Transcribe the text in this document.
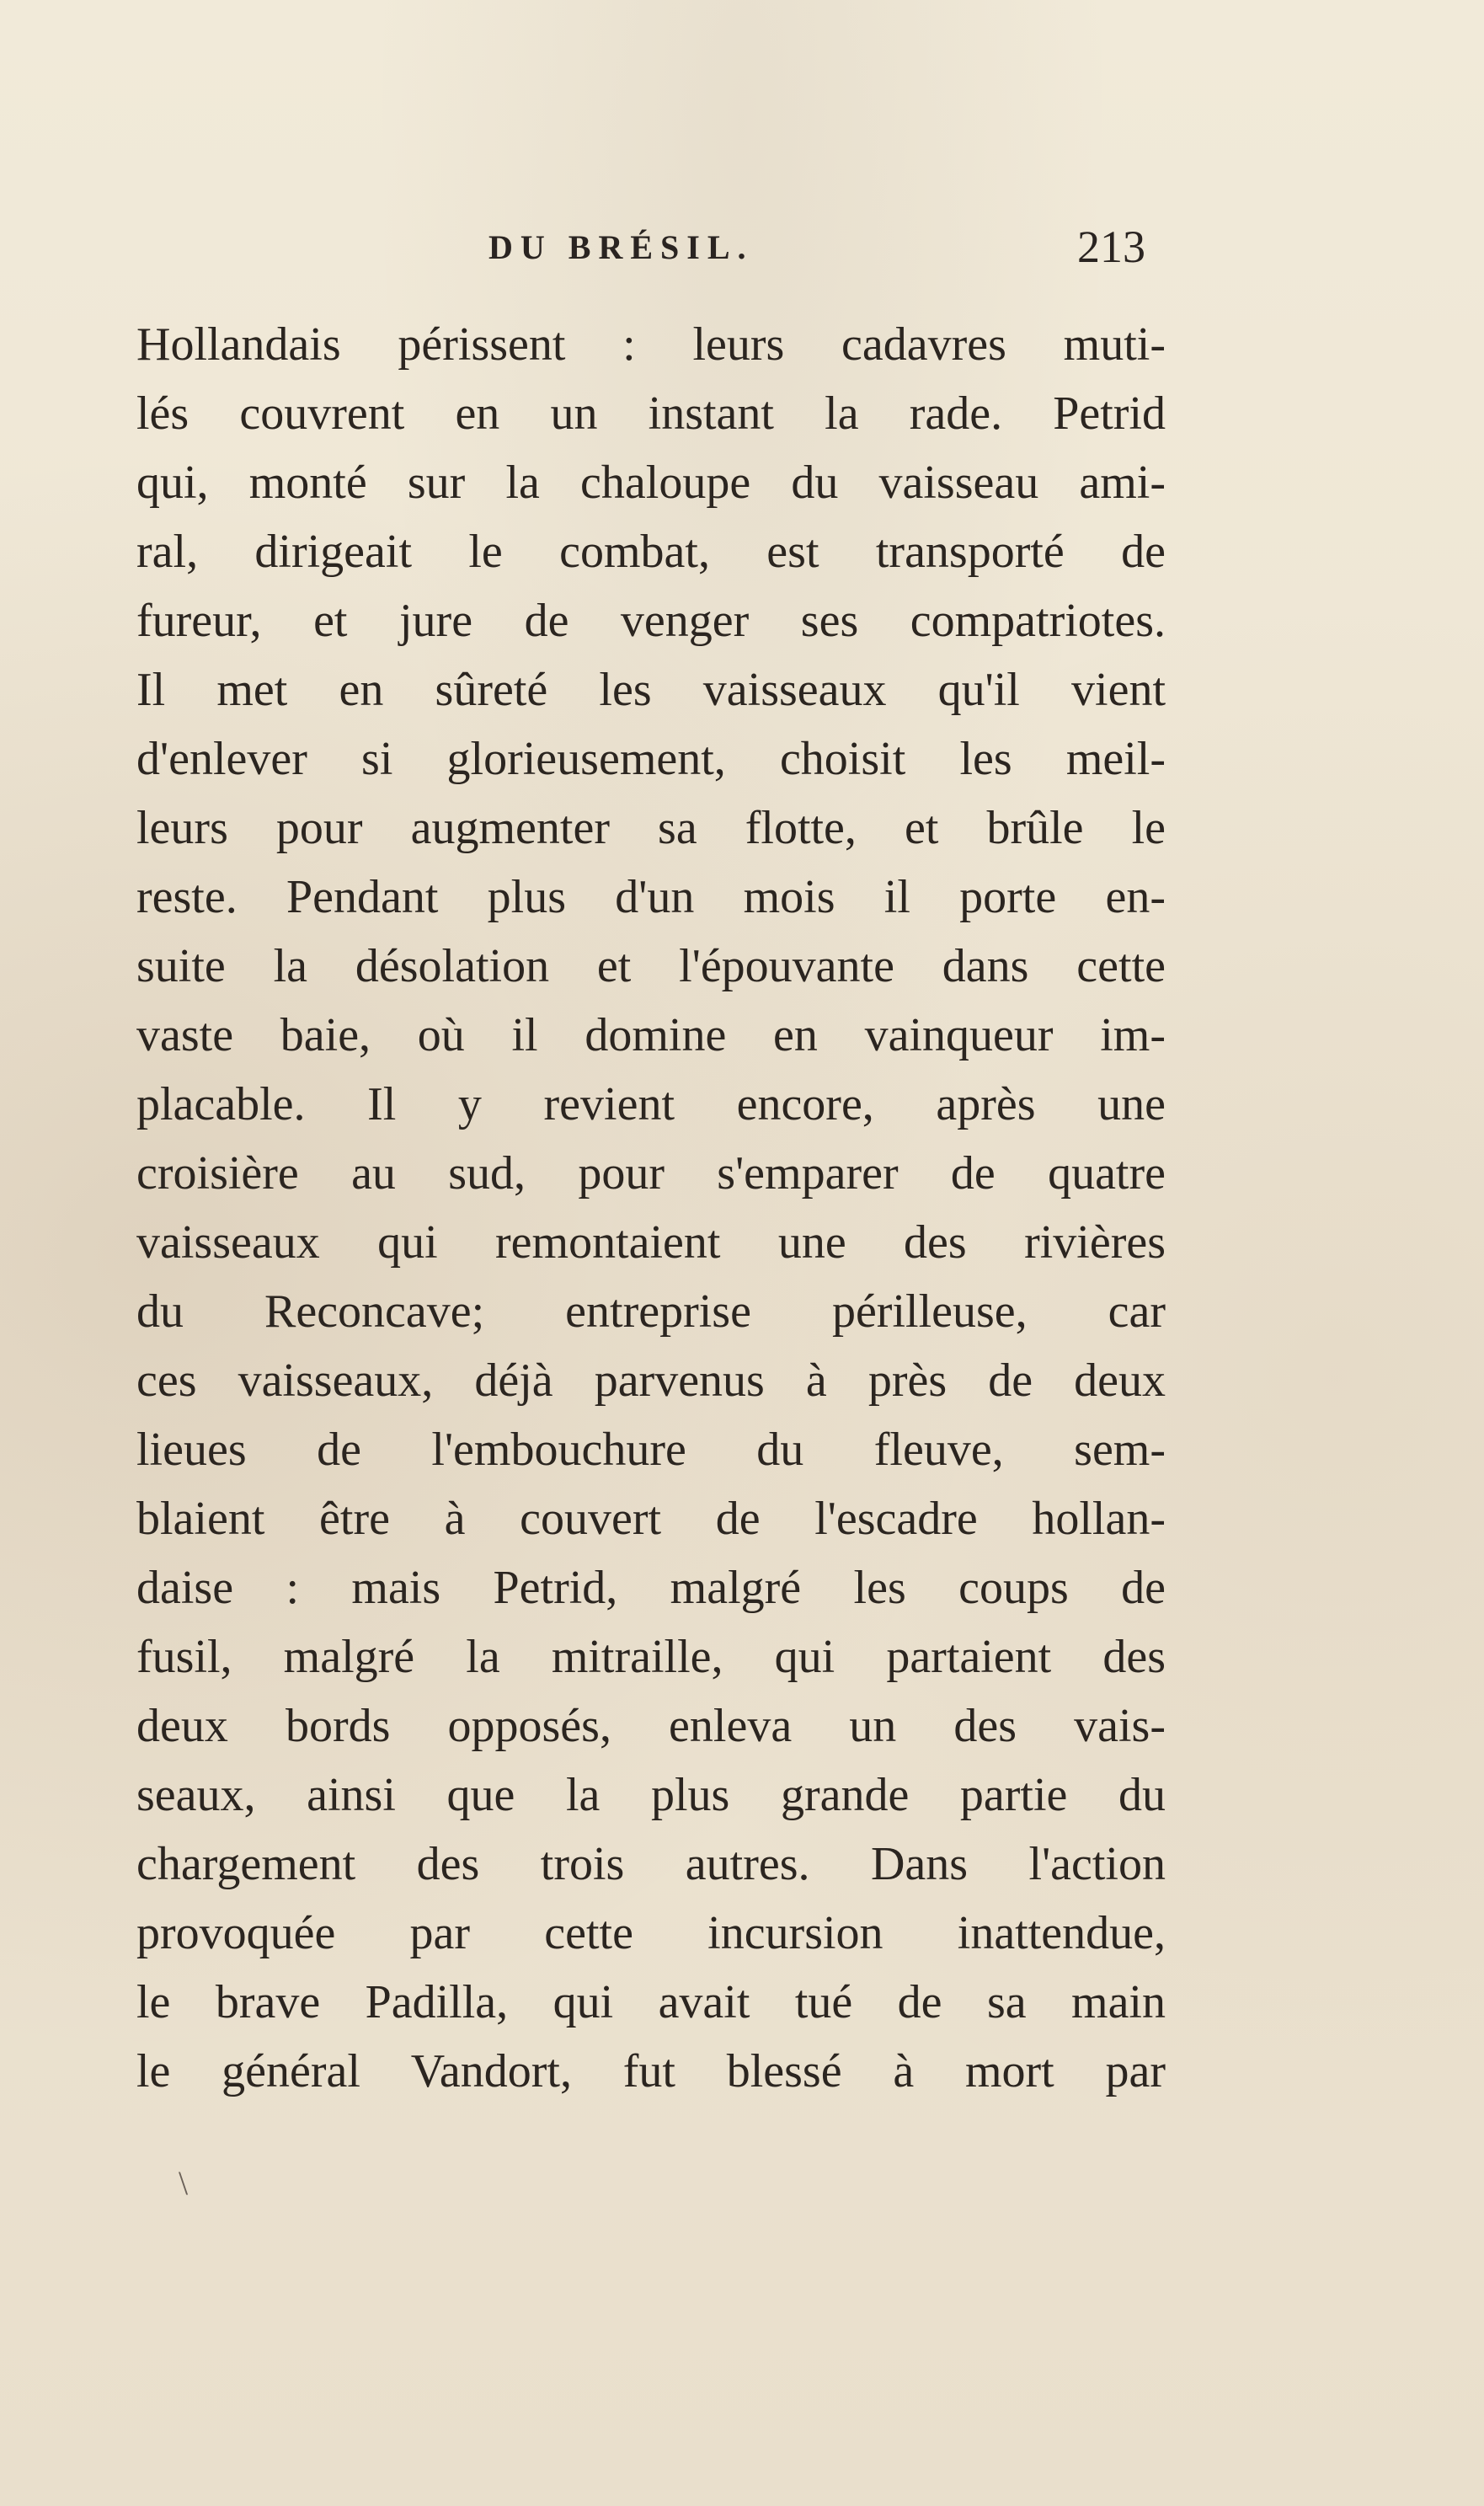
DU BRÉSIL.	213
Hollandais périssent : leurs cadavres muti-
lés couvrent en un instant la rade. Petrid
qui, monté sur la chaloupe du vaisseau ami-
ral, dirigeait le combat, est transporté de
fureur, et jure de venger ses compatriotes.
Il met en sûreté les vaisseaux qu'il vient
d'enlever si glorieusement, choisit les meil-
leurs pour augmenter sa flotte, et brûle le
reste. Pendant plus d'un mois il porte en-
suite la désolation et l'épouvante dans cette
vaste baie, où il domine en vainqueur im-
placable. Il y revient encore, après une
croisière au sud, pour s'emparer de quatre
vaisseaux qui remontaient une des rivières
du Reconcave; entreprise périlleuse, car
ces vaisseaux, déjà parvenus à près de deux
lieues de l'embouchure du fleuve, sem-
blaient être à couvert de l'escadre hollan-
daise : mais Petrid, malgré les coups de
fusil, malgré la mitraille, qui partaient des
deux bords opposés, enleva un des vais-
seaux, ainsi que la plus grande partie du
chargement des trois autres. Dans l'action
provoquée par cette incursion inattendue,
le brave Padilla, qui avait tué de sa main
le général Vandort, fut blessé à mort par
\
